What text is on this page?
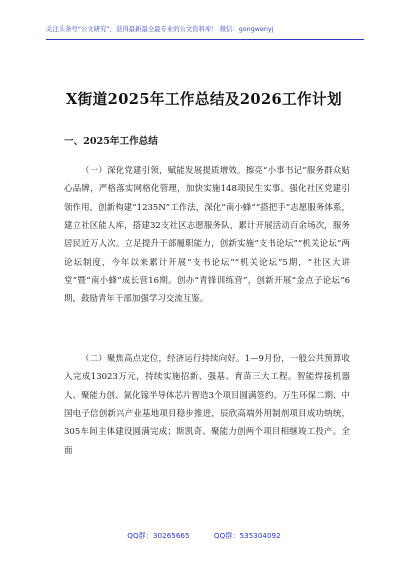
关注头条号“公文研究”，获得最新最全最专业的公文资料库！ 微信：gongwenyj
X街道2025年工作总结及2026工作计划
一、2025年工作总结

（一）深化党建引领，赋能发展提质增效。擦亮“小事书记”服务群众贴心品牌，严格落实网格化管理，加快实施148项民生实事。强化社区党建引领作用，创新构建“1235N”工作法，深化“南小蜂”“搭把手”志愿服务体系，建立社区能人库，搭建32支社区志愿服务队，累计开展活动百余场次，服务居民近万人次。立足提升干部履职能力，创新实施“支书论坛”“机关论坛”两论坛制度，今年以来累计开展“支书论坛”“机关论坛”5期，“社区大讲堂”暨“南小蜂”成长营16期。创办“青锋训练营”，创新开展“金点子论坛”6期，鼓励青年干部加强学习交流互鉴。

（二）聚焦高点定位，经济运行持续向好。1—9月份，一般公共预算收入完成13023万元，持续实施招新、强基、育苗三大工程。智能焊接机器人、聚能力创、氮化镓半导体芯片智造3个项目圆满签约。万生环保二期、中国电子信创新兴产业基地项目稳步推进，辰欣高端外用制剂项目成功纳统，305车间主体建设圆满完成；斯凯奇、聚能力创两个项目相继竣工投产。全面

QQ群：30265665	QQ群：535304092
